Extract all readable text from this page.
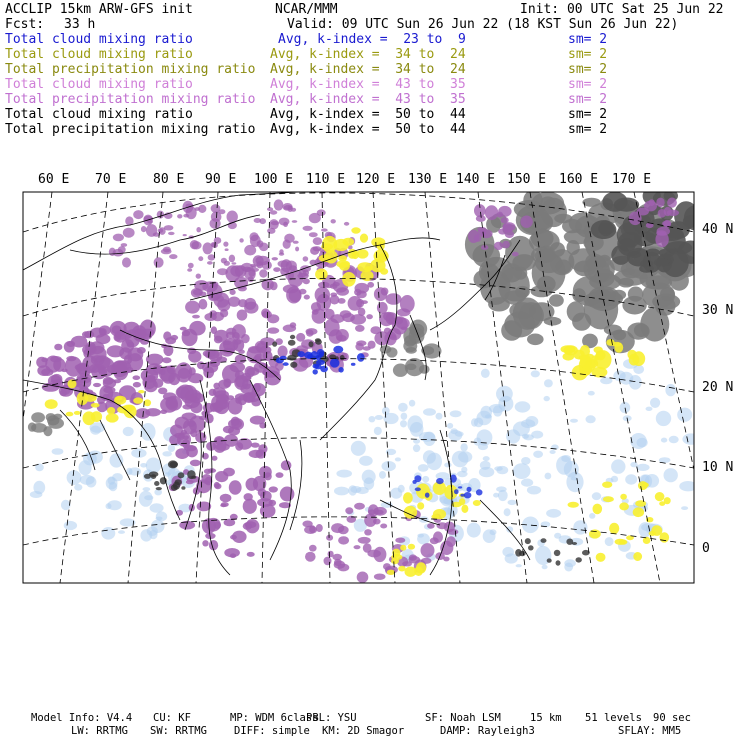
ACCLIP 15km ARW-GFS init	NCAR/MMM	Init: 00 UTC Sat 25 Jun 22
Fcst: 33 h	Valid: 09 UTC Sun 26 Jun 22 (18 KST Sun 26 Jun 22)
Total cloud mixing ratio	Avg, k-index =  23 to  9	sm= 2
Total cloud mixing ratio	Avg, k-index =  34 to  24	sm= 2
Total precipitation mixing ratio Avg, k-index =  34 to  24	sm= 2
Total cloud mixing ratio	Avg, k-index =  43 to  35	sm= 2
Total precipitation mixing ratio Avg, k-index =  43 to  35	sm= 2
Total cloud mixing ratio	Avg, k-index =  50 to  44	sm= 2
Total precipitation mixing ratio Avg, k-index =  50 to  44	sm= 2
60 E 70 E 80 E 90 E 100 E 110 E 120 E 130 E 140 E 150 E 160 E 170 E
40 N
30 N
20 N
10 N
0
Model Info: V4.4 CU: KF	MP: WDM 6class
PBL: YSU	SF: Noah LSM	15 km 51 levels 90 sec
LW: RRTMG SW: RRTMG	DIFF: simple KM: 2D Smagor	DAMP: Rayleigh3	SFLAY: MM5
